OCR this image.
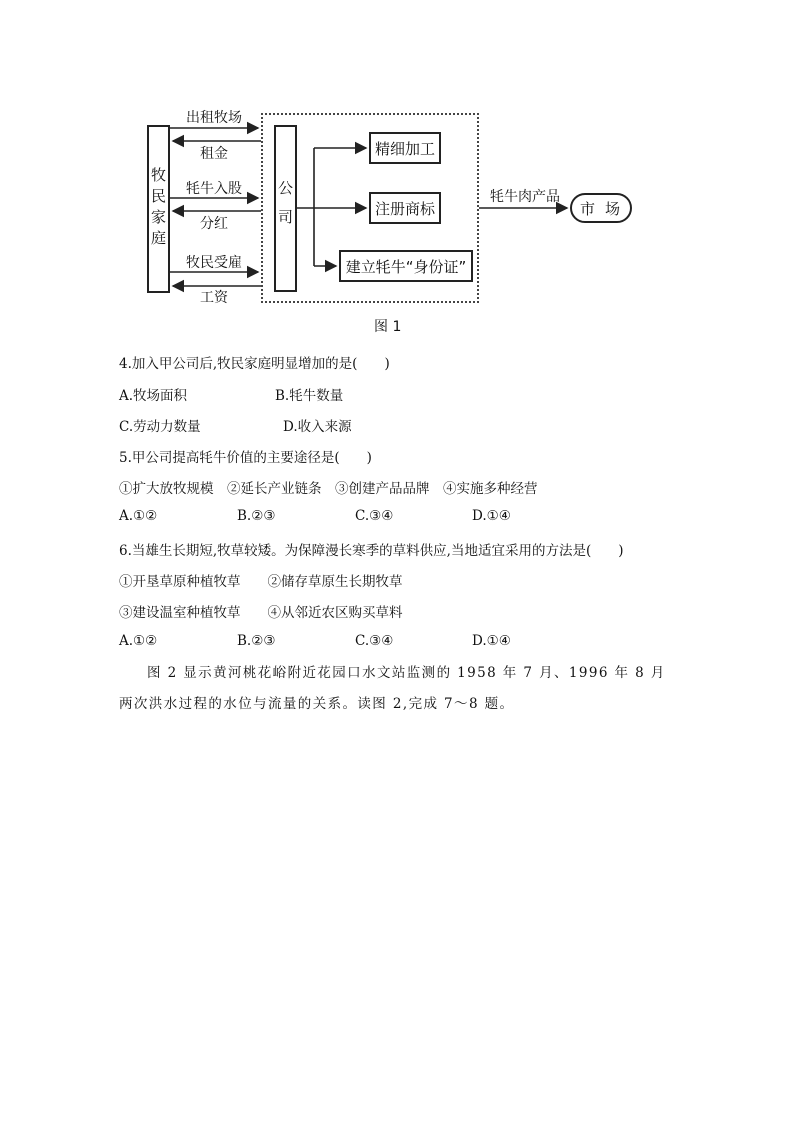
牧民家庭	公司
精细加工
注册商标
建立牦牛“身份证”
出租牧场
租金
牦牛入股
分红
牧民受雇
工资
牦牛肉产品
市场
图 1
4.加入甲公司后,牧民家庭明显增加的是(　　)
A.牧场面积	B.牦牛数量
C.劳动力数量	D.收入来源
5.甲公司提高牦牛价值的主要途径是(　　)
①扩大放牧规模　②延长产业链条　③创建产品品牌　④实施多种经营
A.①②	B.②③	C.③④	D.①④
6.当雄生长期短,牧草较矮。为保障漫长寒季的草料供应,当地适宜采用的方法是(　　)
①开垦草原种植牧草　　②储存草原生长期牧草
③建设温室种植牧草　　④从邻近农区购买草料
A.①②	B.②③	C.③④	D.①④
图 2 显示黄河桃花峪附近花园口水文站监测的 1958 年 7 月、1996 年 8 月两次洪水过程的水位与流量的关系。读图 2,完成 7～8 题。
